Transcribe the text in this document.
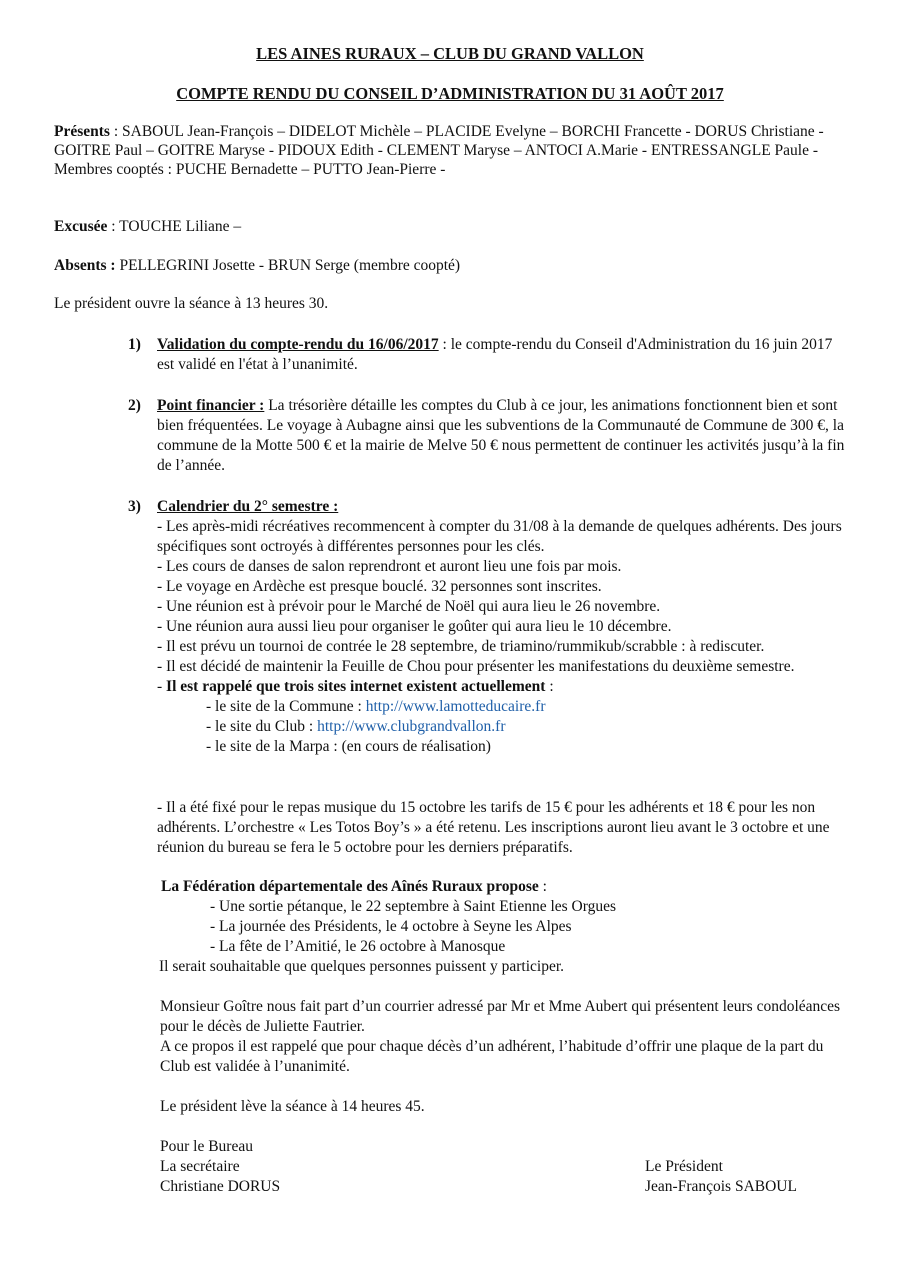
LES AINES RURAUX – CLUB DU GRAND VALLON
COMPTE RENDU DU CONSEIL D’ADMINISTRATION DU 31 AOÛT 2017

Présents : SABOUL Jean-François – DIDELOT Michèle – PLACIDE Evelyne – BORCHI Francette - DORUS Christiane - GOITRE Paul – GOITRE Maryse - PIDOUX Edith - CLEMENT Maryse – ANTOCI A.Marie - ENTRESSANGLE Paule -

Membres cooptés : PUCHE Bernadette – PUTTO Jean-Pierre -

Excusée : TOUCHE Liliane –
Absents : PELLEGRINI Josette - BRUN Serge (membre coopté)
Le président ouvre la séance à 13 heures 30.
1) Validation du compte-rendu du 16/06/2017 : le compte-rendu du Conseil d'Administration du 16 juin 2017 est validé en l'état à l’unanimité.
2) Point financier : La trésorière détaille les comptes du Club à ce jour, les animations fonctionnent bien et sont bien fréquentées. Le voyage à Aubagne ainsi que les subventions de la Communauté de Commune de 300 €, la commune de la Motte 500 € et la mairie de Melve 50 € nous permettent de continuer les activités jusqu’à la fin de l’année.
3) Calendrier du 2° semestre :

- Les après-midi récréatives recommencent à compter du 31/08 à la demande de quelques adhérents. Des jours spécifiques sont octroyés à différentes personnes pour les clés.

- Les cours de danses de salon reprendront et auront lieu une fois par mois.

- Le voyage en Ardèche est presque bouclé. 32 personnes sont inscrites.

- Une réunion est à prévoir pour le Marché de Noël qui aura lieu le 26 novembre.

- Une réunion aura aussi lieu pour organiser le goûter qui aura lieu le 10 décembre.

- Il est prévu un tournoi de contrée le 28 septembre, de triamino/rummikub/scrabble : à rediscuter.

- Il est décidé de maintenir la Feuille de Chou pour présenter les manifestations du deuxième semestre.

- Il est rappelé que trois sites internet existent actuellement :

- le site de la Commune : http://www.lamotteducaire.fr

- le site du Club : http://www.clubgrandvallon.fr

- le site de la Marpa : (en cours de réalisation)

- Il a été fixé pour le repas musique du 15 octobre les tarifs de 15 € pour les adhérents et 18 € pour les non adhérents. L’orchestre « Les Totos Boy’s » a été retenu. Les inscriptions auront lieu avant le 3 octobre et une réunion du bureau se fera le 5 octobre pour les derniers préparatifs.

La Fédération départementale des Aînés Ruraux propose :

- Une sortie pétanque, le 22 septembre à Saint Etienne les Orgues

- La journée des Présidents, le 4 octobre à Seyne les Alpes

- La fête de l’Amitié, le 26 octobre à Manosque

Il serait souhaitable que quelques personnes puissent y participer.

Monsieur Goître nous fait part d’un courrier adressé par Mr et Mme Aubert qui présentent leurs condoléances pour le décès de Juliette Fautrier.

A ce propos il est rappelé que pour chaque décès d’un adhérent, l’habitude d’offrir une plaque de la part du Club est validée à l’unanimité.

Le président lève la séance à 14 heures 45.

Pour le Bureau

La secrétaire

Christiane DORUS

Le Président

Jean-François SABOUL
